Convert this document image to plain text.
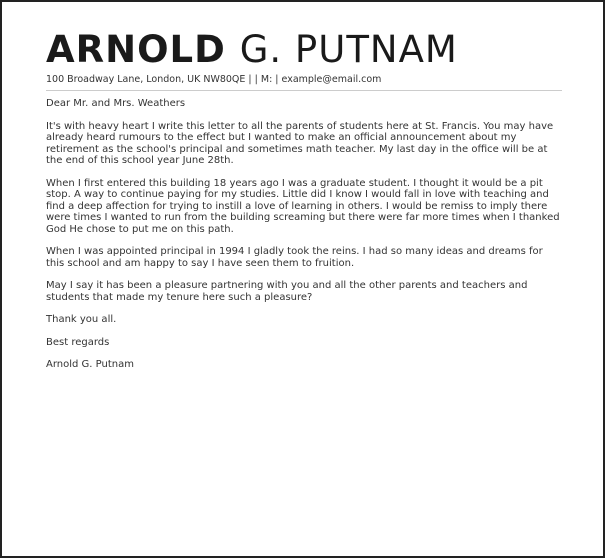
ARNOLD G. PUTNAM
100 Broadway Lane, London, UK NW80QE | | M: | example@email.com

Dear Mr. and Mrs. Weathers

It's with heavy heart I write this letter to all the parents of students here at St. Francis. You may have already heard rumours to the effect but I wanted to make an official announcement about my retirement as the school's principal and sometimes math teacher. My last day in the office will be at the end of this school year June 28th.

When I first entered this building 18 years ago I was a graduate student. I thought it would be a pit stop. A way to continue paying for my studies. Little did I know I would fall in love with teaching and find a deep affection for trying to instill a love of learning in others. I would be remiss to imply there were times I wanted to run from the building screaming but there were far more times when I thanked God He chose to put me on this path.

When I was appointed principal in 1994 I gladly took the reins. I had so many ideas and dreams for this school and am happy to say I have seen them to fruition.

May I say it has been a pleasure partnering with you and all the other parents and teachers and students that made my tenure here such a pleasure?

Thank you all.

Best regards

Arnold G. Putnam
